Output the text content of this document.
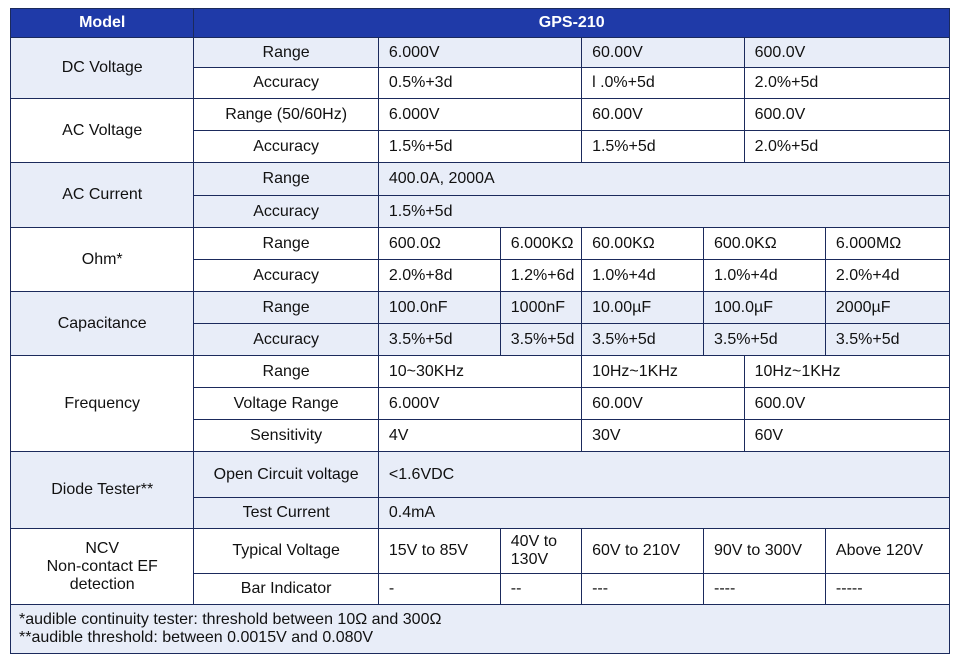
Model	GPS-210						
DC Voltage	Range	6.000V		60.00V		600.0V	
	Accuracy	0.5%+3d		l .0%+5d		2.0%+5d	
AC Voltage	Range (50/60Hz)	6.000V		60.00V		600.0V	
	Accuracy	1.5%+5d		1.5%+5d		2.0%+5d	
AC Current	Range	400.0A, 2000A					
	Accuracy	1.5%+5d					
Ohm*	Range	600.0Ω	6.000KΩ	60.00KΩ	600.0KΩ		6.000MΩ
	Accuracy	2.0%+8d	1.2%+6d	1.0%+4d	1.0%+4d		2.0%+4d
Capacitance	Range	100.0nF	1000nF	10.00µF	100.0µF		2000µF
	Accuracy	3.5%+5d	3.5%+5d	3.5%+5d	3.5%+5d		3.5%+5d
Frequency	Range	10~30KHz		10Hz~1KHz		10Hz~1KHz	
	Voltage Range	6.000V		60.00V		600.0V	
	Sensitivity	4V		30V		60V	
Diode Tester**	Open Circuit voltage	<1.6VDC					
	Test Current	0.4mA					

NCV
Non-contact EF
detection	Typical Voltage	15V to 85V	40V to 130V	60V to 210V	90V to 300V		Above 120V
	Bar Indicator	-	--	---	----		-----

*audible continuity tester: threshold between 10Ω and 300Ω
**audible threshold: between 0.0015V and 0.080V							
